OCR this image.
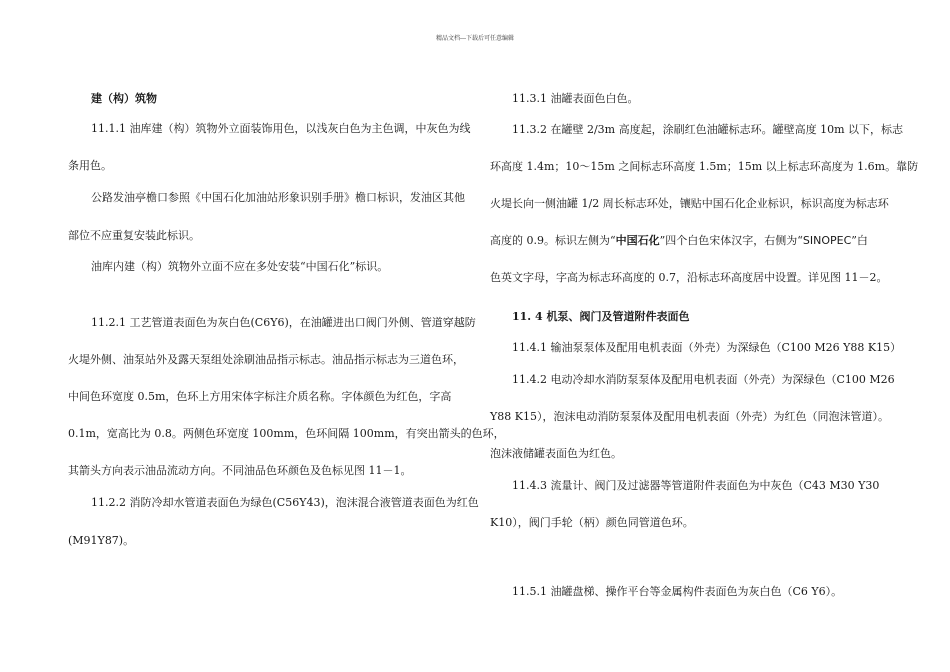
精品文档---下载后可任意编辑
建（构）筑物
11.1.1 油库建（构）筑物外立面装饰用色，以浅灰白色为主色调，中灰色为线
条用色。
公路发油亭檐口参照《中国石化加油站形象识别手册》檐口标识，发油区其他
部位不应重复安装此标识。
油库内建（构）筑物外立面不应在多处安装“中国石化”标识。
11.2.1 工艺管道表面色为灰白色(C6Y6)，在油罐进出口阀门外侧、管道穿越防
火堤外侧、油泵站外及露天泵组处涂刷油品指示标志。油品指示标志为三道色环，
中间色环宽度 0.5m，色环上方用宋体字标注介质名称。字体颜色为红色，字高
0.1m，宽高比为 0.8。两侧色环宽度 100mm，色环间隔 100mm，有突出箭头的色环，
其箭头方向表示油品流动方向。不同油品色环颜色及色标见图 11－1。
11.2.2 消防冷却水管道表面色为绿色(C56Y43)，泡沫混合液管道表面色为红色
(M91Y87)。
11.3.1 油罐表面色白色。
11.3.2 在罐壁 2/3m 高度起，涂刷红色油罐标志环。罐壁高度 10m 以下，标志
环高度 1.4m；10～15m 之间标志环高度 1.5m；15m 以上标志环高度为 1.6m。靠防
火堤长向一侧油罐 1/2 周长标志环处，镶贴中国石化企业标识，标识高度为标志环
高度的 0.9。标识左侧为“中国石化”四个白色宋体汉字，右侧为“SINOPEC”白
色英文字母，字高为标志环高度的 0.7，沿标志环高度居中设置。详见图 11－2。
11. 4 机泵、阀门及管道附件表面色
11.4.1 输油泵泵体及配用电机表面（外壳）为深绿色（C100 M26 Y88 K15）
11.4.2 电动冷却水消防泵泵体及配用电机表面（外壳）为深绿色（C100 M26
Y88 K15），泡沫电动消防泵泵体及配用电机表面（外壳）为红色（同泡沫管道）。
泡沫液储罐表面色为红色。
11.4.3 流量计、阀门及过滤器等管道附件表面色为中灰色（C43 M30 Y30
K10），阀门手轮（柄）颜色同管道色环。
11.5.1 油罐盘梯、操作平台等金属构件表面色为灰白色（C6 Y6）。
